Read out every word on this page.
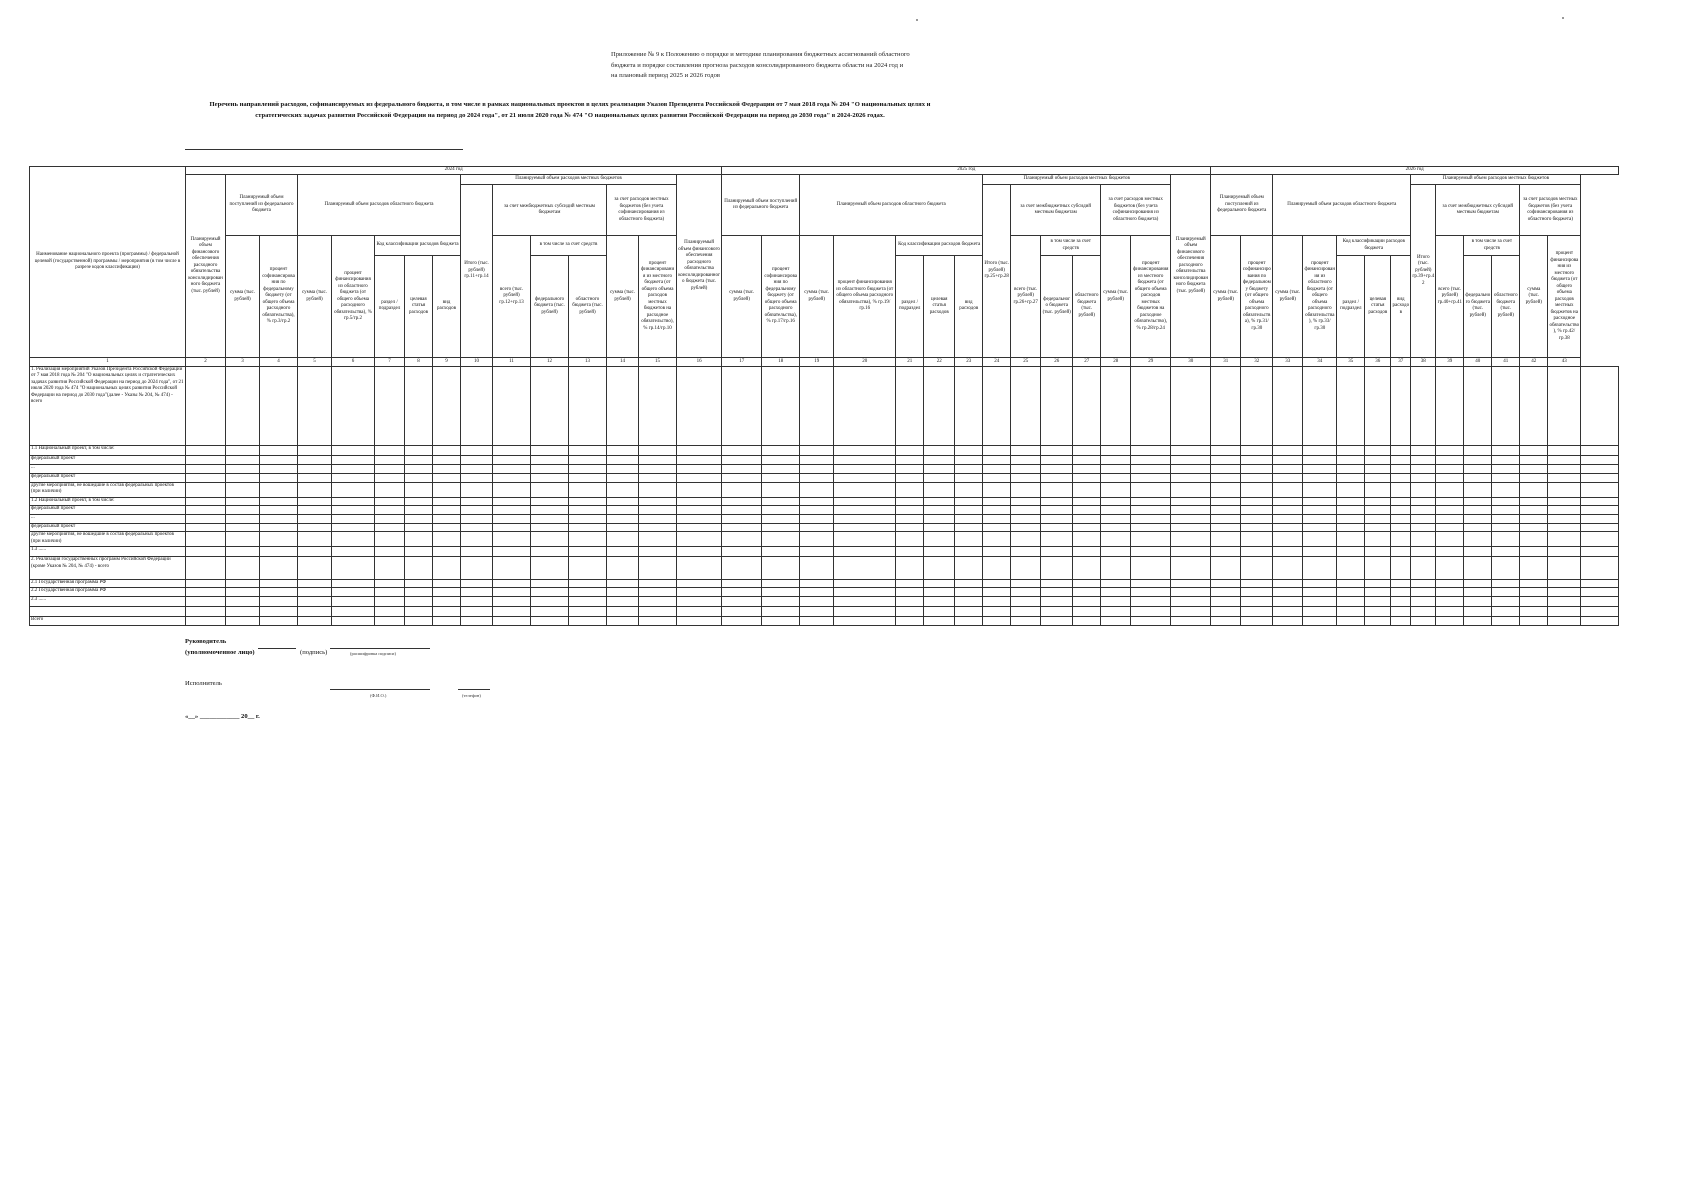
Приложение № 9 к Положению о порядке и методике планирования бюджетных ассигнований областного бюджета и порядке составления прогноза расходов консолидированного бюджета области на 2024 год и на плановый период 2025 и 2026 годов
Перечень направлений расходов, софинансируемых из федерального бюджета, в том числе в рамках национальных проектов в целях реализации Указов Президента Российской Федерации от 7 мая 2018 года № 204 "О национальных целях и стратегических задачах развития Российской Федерации на период до 2024 года", от 21 июля 2020 года № 474 "О национальных целях развития Российской Федерации на период до 2030 года" в 2024-2026 годах.
Наименование национального проекта (программы) / федеральной целевой (государственной) программы / мероприятия (в том числе в разрезе кодов классификации)	2024 год															2025 год														2026 год													
	Планируемый объем финансового обеспечения расходного обязательства консолидированного бюджета (тыс. рублей)	Планируемый объем поступлений из федерального бюджета		Планируемый объем расходов областного бюджета					Планируемый объем расходов местных бюджетов						Планируемый объем финансового обеспечения расходного обязательства консолидированного бюджета (тыс. рублей)	Планируемый объем поступлений из федерального бюджета		Планируемый объем расходов областного бюджета					Планируемый объем расходов местных бюджетов						Планируемый объем финансового обеспечения расходного обязательства консолидированного бюджета (тыс. рублей)	Планируемый объем поступлений из федерального бюджета		Планируемый объем расходов областного бюджета					Планируемый объем расходов местных бюджетов						
									Итого (тыс. рублей) гр.11+гр.14	за счет межбюджетных субсидий местным бюджетам			за счет расходов местных бюджетов (без учета софинансирования из областного бюджета)										Итого (тыс. рублей) гр.25+гр.28	за счет межбюджетных субсидий местным бюджетам			за счет расходов местных бюджетов (без учета софинансирования из областного бюджета)										Итого (тыс. рублей) гр.39+гр.42	за счет межбюджетных субсидий местным бюджетам			за счет расходов местных бюджетов (без учета софинансирования из областного бюджета)		
		сумма (тыс. рублей)	процент софинансирования по федеральному бюджету (от общего объема расходного обязательства), % гр.3/гр.2	сумма (тыс. рублей)	процент финансирования из областного бюджета (от общего объема расходного обязательства), % гр.5/гр.2	Код классификации расходов бюджета				всего (тыс. рублей) гр.12+гр.13	в том числе за счет средств		сумма (тыс. рублей)	процент финансирования из местного бюджета (от общего объема расходов местных бюджетов на расходное обязательство), % гр.14/гр.10		сумма (тыс. рублей)	процент софинансирования по федеральному бюджету (от общего объема расходного обязательства), % гр.17/гр.16	сумма (тыс. рублей)	процент финансирования из областного бюджета (от общего объема расходного обязательства), % гр.19/гр.16	Код классификации расходов бюджета				всего (тыс. рублей) гр.26+гр.27	в том числе за счет средств		сумма (тыс. рублей)	процент финансирования из местного бюджета (от общего объема расходов местных бюджетов на расходное обязательство), % гр.28/гр.24		сумма (тыс. рублей)	процент софинансирования по федеральному бюджету (от общего объема расходного обязательства), % гр.31/гр.30	сумма (тыс. рублей)	процент финансирования из областного бюджета (от общего объема расходного обязательства), % гр.33/гр.30	Код классификации расходов бюджета				всего (тыс. рублей) гр.40+гр.41	в том числе за счет средств		сумма (тыс. рублей)	процент финансирования из местного бюджета (от общего объема расходов местных бюджетов на расходное обязательство), % гр.42/гр.38	
						раздел / подраздел	целевая статья расходов	вид расходов			федерального бюджета (тыс. рублей)	областного бюджета (тыс. рублей)								раздел / подраздел	целевая статья расходов	вид расходов			федерального бюджета (тыс. рублей)	областного бюджета (тыс. рублей)								раздел / подраздел	целевая статья расходов	вид расходов			федерального бюджета (тыс. рублей)	областного бюджета (тыс. рублей)			
1	2	3	4	5	6	7	8	9	10	11	12	13	14	15	16	17	18	19	20	21	22	23	24	25	26	27	28	29	30	31	32	33	34	35	36	37	38	39	40	41	42	43	
1. Реализация мероприятий Указов Президента Российской Федерации от 7 мая 2018 года № 204 "О национальных целях и стратегических задачах развития Российской Федерации на период до 2024 года", от 21 июля 2020 года № 474 "О национальных целях развития Российской Федерации на период до 2030 года"(далее - Указы № 204, № 474) - всего																																											
1.1 Национальный проект, в том числе:																																											
федеральный проект																																											
...																																											
федеральный проект																																											
другие мероприятия, не вошедшие в состав федеральных проектов (при наличии)																																											
1.2 Национальный проект, в том числе:																																											
федеральный проект																																											
...																																											
федеральный проект																																											
другие мероприятия, не вошедшие в состав федеральных проектов (при наличии)																																											
1.3 ......																																											
2. Реализация государственных программ Российской Федерации (кроме Указов № 204, № 474) - всего																																											
2.1 Государственная программа РФ																																											
2.2 Государственная программа РФ																																											
2.3 ......																																											

Всего																																											
Руководитель
(уполномоченное лицо)	(подпись)	(расшифровка подписи)
Исполнитель
(Ф.И.О.)	(телефон)
«__» ____________ 20__ г.
